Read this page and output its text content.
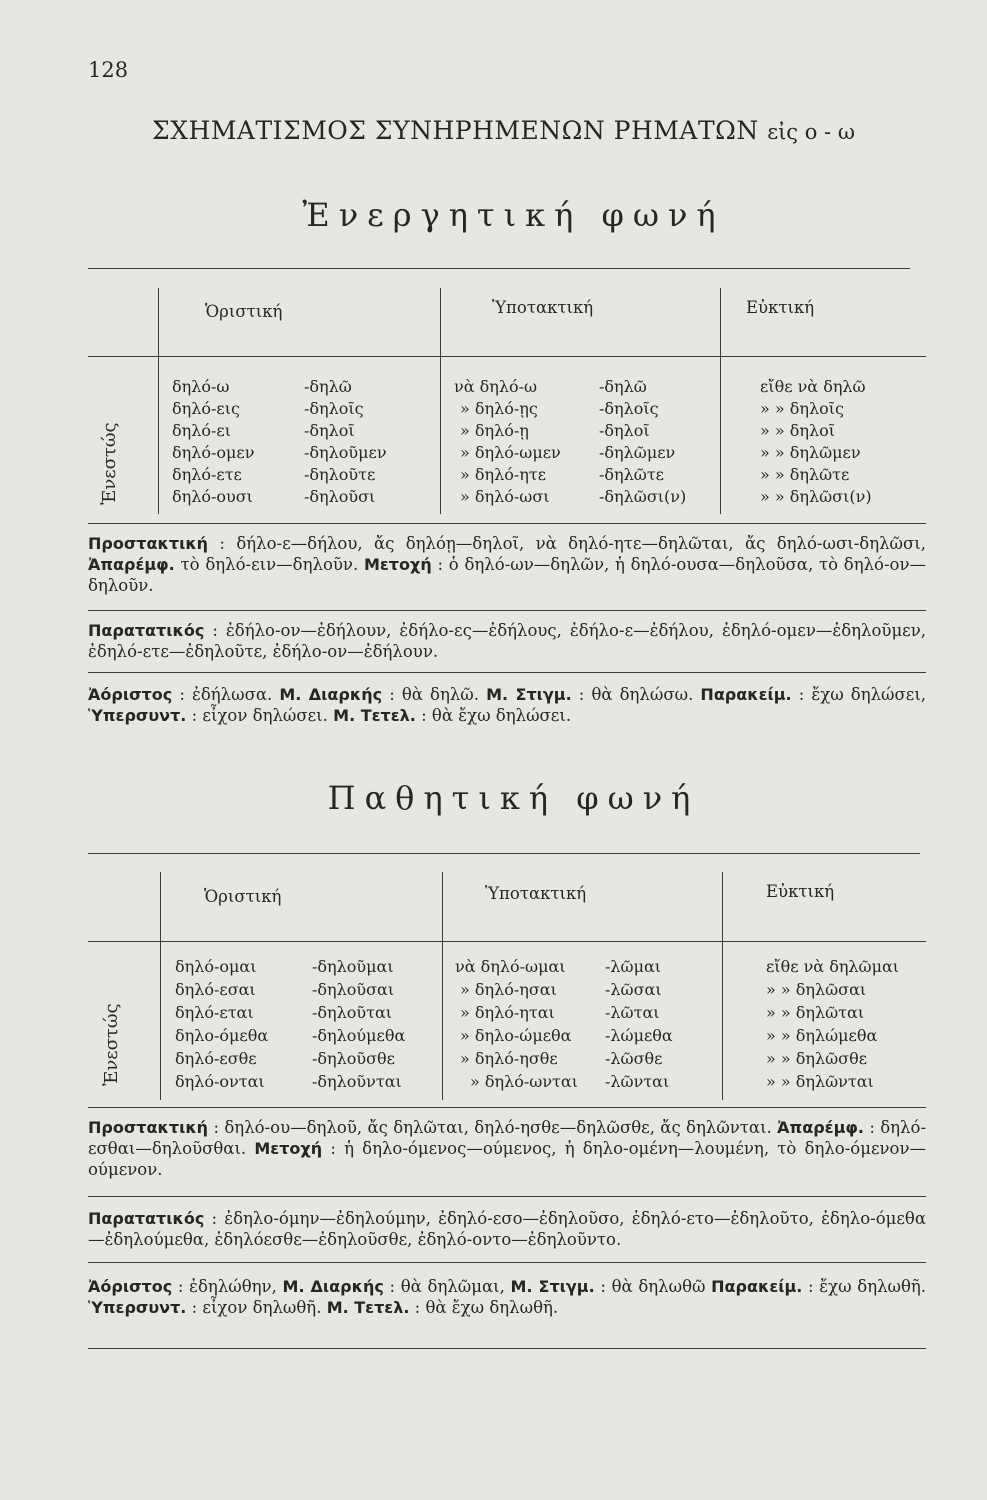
128
ΣΧΗΜΑΤΙΣΜΟΣ ΣΥΝΗΡΗΜΕΝΩΝ ΡΗΜΑΤΩΝ εἰς ο - ω
Ἐνεργητική φωνή
Ὁριστική	Ὑποτακτική	Εὐκτική
Ἐνεστώς
δηλό-ω	-δηλῶ	νὰ δηλό-ω	-δηλῶ	εἴθε νὰ δηλῶ
δηλό-εις	-δηλοῖς	» δηλό-ῃς	-δηλοῖς	» » δηλοῖς
δηλό-ει	-δηλοῖ	» δηλό-ῃ	-δηλοῖ	» » δηλοῖ
δηλό-ομεν	-δηλοῦμεν	» δηλό-ωμεν -δηλῶμεν	» » δηλῶμεν
δηλό-ετε	-δηλοῦτε	» δηλό-ητε	-δηλῶτε	» » δηλῶτε
δηλό-ουσι	-δηλοῦσι	» δηλό-ωσι	-δηλῶσι(ν)	» » δηλῶσι(ν)

Προστακτική : δήλο-ε—δήλου, ἄς δηλόῃ—δηλοῖ, νὰ δηλό-ητε—δηλῶται, ἄς δηλό-ωσι-δηλῶσι, Ἀπαρέμφ. τὸ δηλό-ειν—δηλοῦν. Μετοχή : ὁ δηλό-ων—δηλῶν, ἡ δηλό-ουσα—δηλοῦσα, τὸ δηλό-ον—δηλοῦν.

Παρατατικός : ἐδήλο-ον—ἐδήλουν, ἐδήλο-ες—ἐδήλους, ἐδήλο-ε—ἐδήλου, ἐδηλό-ομεν—ἐδηλοῦμεν, ἐδηλό-ετε—ἐδηλοῦτε, ἐδήλο-ον—ἐδήλουν.

Ἀόριστος : ἐδήλωσα. Μ. Διαρκής : θὰ δηλῶ. Μ. Στιγμ. : θὰ δηλώσω. Παρακείμ. : ἔχω δηλώσει, Ὑπερσυντ. : εἶχον δηλώσει. Μ. Τετελ. : θὰ ἔχω δηλώσει.

Παθητική φωνή
Ὁριστική	Ὑποτακτική	Εὐκτική
Ἐνεστώς
δηλό-ομαι	-δηλοῦμαι	νὰ δηλό-ωμαι -λῶμαι	εἴθε νὰ δηλῶμαι
δηλό-εσαι	-δηλοῦσαι	» δηλό-ησαι	-λῶσαι	» » δηλῶσαι
δηλό-εται	-δηλοῦται	» δηλό-ηται	-λῶται	» » δηλῶται
δηλο-όμεθα	-δηλούμεθα	» δηλο-ώμεθα -λώμεθα	» » δηλώμεθα
δηλό-εσθε	-δηλοῦσθε	» δηλό-ησθε	-λῶσθε	» » δηλῶσθε
δηλό-ονται	-δηλοῦνται	» δηλό-ωνται -λῶνται	» » δηλῶνται

Προστακτική : δηλό-ου—δηλοῦ, ἄς δηλῶται, δηλό-ησθε—δηλῶσθε, ἄς δηλῶνται. Ἀπαρέμφ. : δηλό-εσθαι—δηλοῦσθαι. Μετοχή : ἡ δηλο-όμενος—ούμενος, ἡ δηλο-ομένη—λουμένη, τὸ δηλο-όμενον—ούμενον.

Παρατατικός : ἐδηλο-όμην—ἐδηλούμην, ἐδηλό-εσο—ἐδηλοῦσο, ἐδηλό-ετο—ἐδηλοῦτο, ἐδηλο-όμεθα—ἐδηλούμεθα, ἐδηλόεσθε—ἐδηλοῦσθε, ἐδηλό-οντο—ἐδηλοῦντο.

Ἀόριστος : ἐδηλώθην, Μ. Διαρκής : θὰ δηλῶμαι, Μ. Στιγμ. : θὰ δηλωθῶ Παρακείμ. : ἔχω δηλωθῆ. Ὑπερσυντ. : εἶχον δηλωθῆ. Μ. Τετελ. : θὰ ἔχω δηλωθῆ.
